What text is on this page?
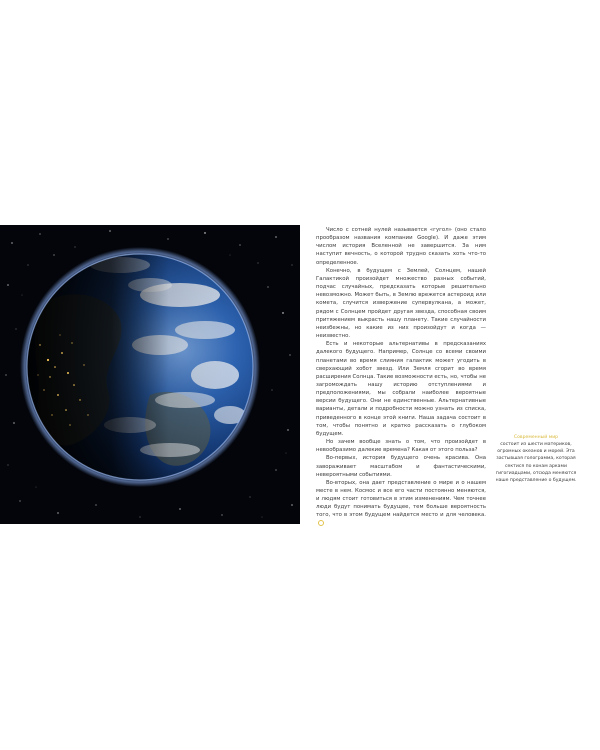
Число с сотней нулей называется «гугол» (оно стало прообразом названия компании Google). И даже этим числом история Вселенной не завершится. За ним наступит вечность, о которой трудно сказать хоть что-то определенное.

Конечно, в будущем с Землей, Солнцем, нашей Галактикой произойдет множество разных событий, подчас случайных, предсказать которые решительно невозможно. Может быть, в Землю врежется астероид или комета, случится извержение супервулкана, а может, рядом с Солнцем пройдет другая звезда, способная своим притяжением выкрасть нашу планету. Такие случайности неизбежны, но какие из них произойдут и когда — неизвестно.

Есть и некоторые альтернативы в предсказаниях далекого будущего. Например, Солнце со всеми своими планетами во время слияния галактик может угодить в сверхающий хобот звезд. Или Земля сгорит во время расширения Солнца. Такие возможности есть, но, чтобы не загромождать нашу историю отступлениями и предположениями, мы собрали наиболее вероятные версии будущего. Они не единственные. Альтернативные варианты, детали и подробности можно узнать из списка, приведенного в конце этой книги. Наша задача состоит в том, чтобы понятно и кратко рассказать о глубоком будущем.

Но зачем вообще знать о том, что произойдет в невообразимо далекие времена? Какая от этого польза?

Во-первых, история будущего очень красива. Она завораживает масштабом и фантастическими, невероятными событиями.

Во-вторых, она дает представление о мире и о нашем месте в нем. Космос и все его части постоянно меняются, и людям стоит готовиться в этим изменениям. Чем точнее люди будут понимать будущее, тем больше вероятность того, что в этом будущем найдется место и для человека.

Современный мир
состоит из шести материков, огромных океанов и морей. Эта застывшая голограмма, которая сектися по конам арками гигогиадцами, отсюда меняются наше представление о будущем.
